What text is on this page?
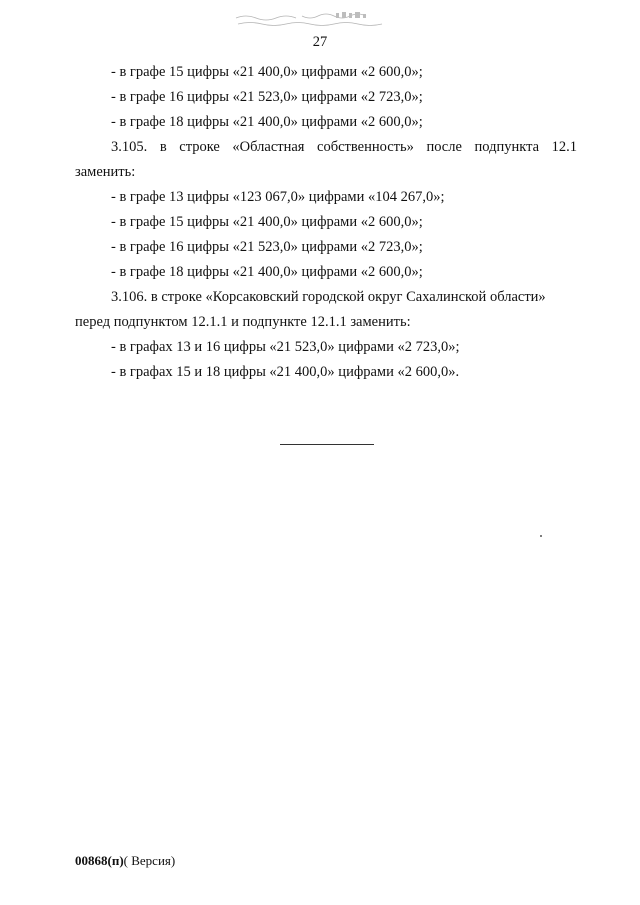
27
- в графе 15 цифры «21 400,0» цифрами «2 600,0»;
- в графе 16 цифры «21 523,0» цифрами «2 723,0»;
- в графе 18 цифры «21 400,0» цифрами «2 600,0»;
3.105. в строке «Областная собственность» после подпункта 12.1
заменить:
- в графе 13 цифры «123 067,0» цифрами «104 267,0»;
- в графе 15 цифры «21 400,0» цифрами «2 600,0»;
- в графе 16 цифры «21 523,0» цифрами «2 723,0»;
- в графе 18 цифры «21 400,0» цифрами «2 600,0»;
3.106. в строке «Корсаковский городской округ Сахалинской области»
перед подпунктом 12.1.1 и подпункте 12.1.1 заменить:
- в графах 13 и 16 цифры «21 523,0» цифрами «2 723,0»;
- в графах 15 и 18 цифры «21 400,0» цифрами «2 600,0».
00868(п)( Версия)
